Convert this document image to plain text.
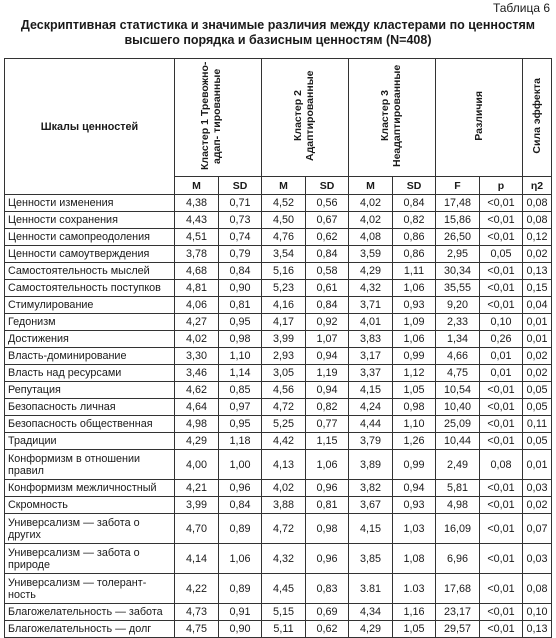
Таблица 6
Дескриптивная статистика и значимые различия между кластерами по ценностям высшего порядка и базисным ценностям (N=408)
Шкалы ценностей	Кластер 1 Тревожно-адап- тированные		Кластер 2 Адаптированные		Кластер 3 Неадаптированные		Различия		Сила эффекта
	M	SD	M	SD	M	SD	F	p	η2
Ценности изменения	4,38	0,71	4,52	0,56	4,02	0,84	17,48	<0,01	0,08
Ценности сохранения	4,43	0,73	4,50	0,67	4,02	0,82	15,86	<0,01	0,08
Ценности самопреодоления	4,51	0,74	4,76	0,62	4,08	0,86	26,50	<0,01	0,12
Ценности самоутверждения	3,78	0,79	3,54	0,84	3,59	0,86	2,95	0,05	0,02
Самостоятельность мыслей	4,68	0,84	5,16	0,58	4,29	1,11	30,34	<0,01	0,13
Самостоятельность поступков	4,81	0,90	5,23	0,61	4,32	1,06	35,55	<0,01	0,15
Стимулирование	4,06	0,81	4,16	0,84	3,71	0,93	9,20	<0,01	0,04
Гедонизм	4,27	0,95	4,17	0,92	4,01	1,09	2,33	0,10	0,01
Достижения	4,02	0,98	3,99	1,07	3,83	1,06	1,34	0,26	0,01
Власть-доминирование	3,30	1,10	2,93	0,94	3,17	0,99	4,66	0,01	0,02
Власть над ресурсами	3,46	1,14	3,05	1,19	3,37	1,12	4,75	0,01	0,02
Репутация	4,62	0,85	4,56	0,94	4,15	1,05	10,54	<0,01	0,05
Безопасность личная	4,64	0,97	4,72	0,82	4,24	0,98	10,40	<0,01	0,05
Безопасность общественная	4,98	0,95	5,25	0,77	4,44	1,10	25,09	<0,01	0,11
Традиции	4,29	1,18	4,42	1,15	3,79	1,26	10,44	<0,01	0,05
Конформизм в отношении правил	4,00	1,00	4,13	1,06	3,89	0,99	2,49	0,08	0,01
Конформизм межличностный	4,21	0,96	4,02	0,96	3,82	0,94	5,81	<0,01	0,03
Скромность	3,99	0,84	3,88	0,81	3,67	0,93	4,98	<0,01	0,02
Универсализм — забота о других	4,70	0,89	4,72	0,98	4,15	1,03	16,09	<0,01	0,07
Универсализм — забота о природе	4,14	1,06	4,32	0,96	3,85	1,08	6,96	<0,01	0,03
Универсализм — толерант- ность	4,22	0,89	4,45	0,83	3.81	1.03	17,68	<0,01	0,08
Благожелательность — забота	4,73	0,91	5,15	0,69	4,34	1,16	23,17	<0,01	0,10
Благожелательность — долг	4,75	0,90	5,11	0,62	4,29	1,05	29,57	<0,01	0,13
